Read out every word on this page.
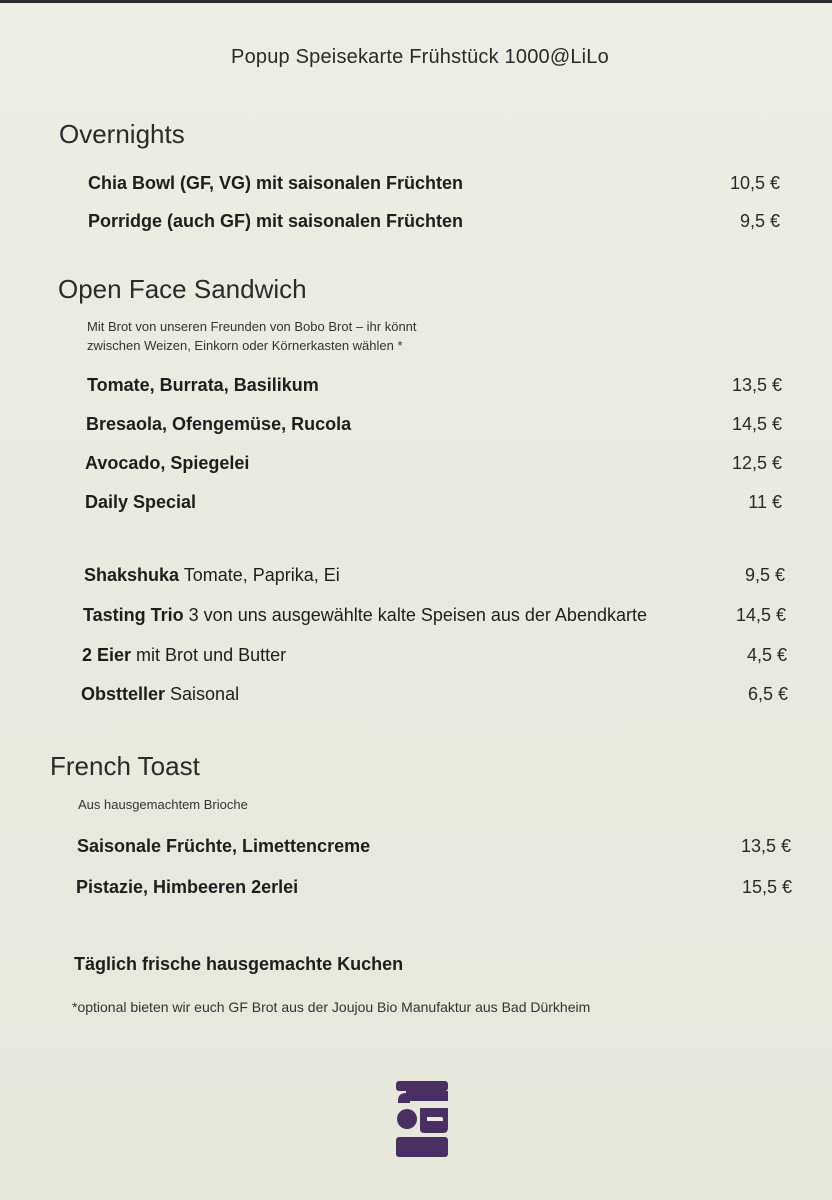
Popup Speisekarte Frühstück 1000@LiLo
Overnights
Chia Bowl (GF, VG) mit saisonalen Früchten	10,5 €
Porridge (auch GF) mit saisonalen Früchten	9,5 €
Open Face Sandwich
Mit Brot von unseren Freunden von Bobo Brot – ihr könnt
zwischen Weizen, Einkorn oder Körnerkasten wählen *
Tomate, Burrata, Basilikum	13,5 €
Bresaola, Ofengemüse, Rucola	14,5 €
Avocado, Spiegelei	12,5 €
Daily Special	11 €
Shakshuka Tomate, Paprika, Ei	9,5 €
Tasting Trio 3 von uns ausgewählte kalte Speisen aus der Abendkarte	14,5 €
2 Eier mit Brot und Butter	4,5 €
Obstteller Saisonal	6,5 €
French Toast
Aus hausgemachtem Brioche
Saisonale Früchte, Limettencreme	13,5 €
Pistazie, Himbeeren 2erlei	15,5 €
Täglich frische hausgemachte Kuchen
*optional bieten wir euch GF Brot aus der Joujou Bio Manufaktur aus Bad Dürkheim
